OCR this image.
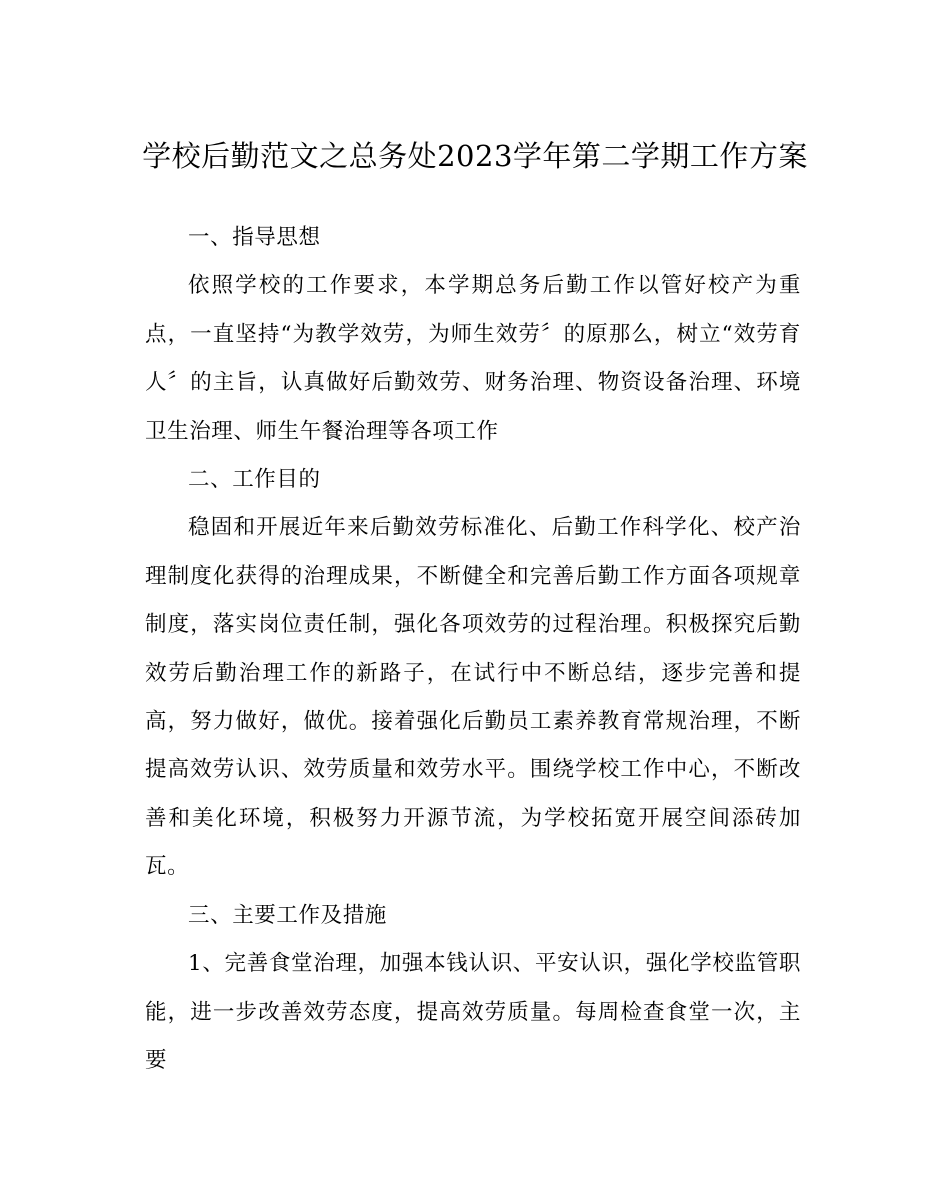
学校后勤范文之总务处2023学年第二学期工作方案

一、指导思想

依照学校的工作要求，本学期总务后勤工作以管好校产为重点，一直坚持“为教学效劳，为师生效劳〞的原那么，树立“效劳育人〞的主旨，认真做好后勤效劳、财务治理、物资设备治理、环境卫生治理、师生午餐治理等各项工作

二、工作目的

稳固和开展近年来后勤效劳标准化、后勤工作科学化、校产治理制度化获得的治理成果，不断健全和完善后勤工作方面各项规章制度，落实岗位责任制，强化各项效劳的过程治理。积极探究后勤效劳后勤治理工作的新路子，在试行中不断总结，逐步完善和提高，努力做好，做优。接着强化后勤员工素养教育常规治理，不断提高效劳认识、效劳质量和效劳水平。围绕学校工作中心，不断改善和美化环境，积极努力开源节流，为学校拓宽开展空间添砖加瓦。

三、主要工作及措施

1、完善食堂治理，加强本钱认识、平安认识，强化学校监管职能，进一步改善效劳态度，提高效劳质量。每周检查食堂一次，主要
